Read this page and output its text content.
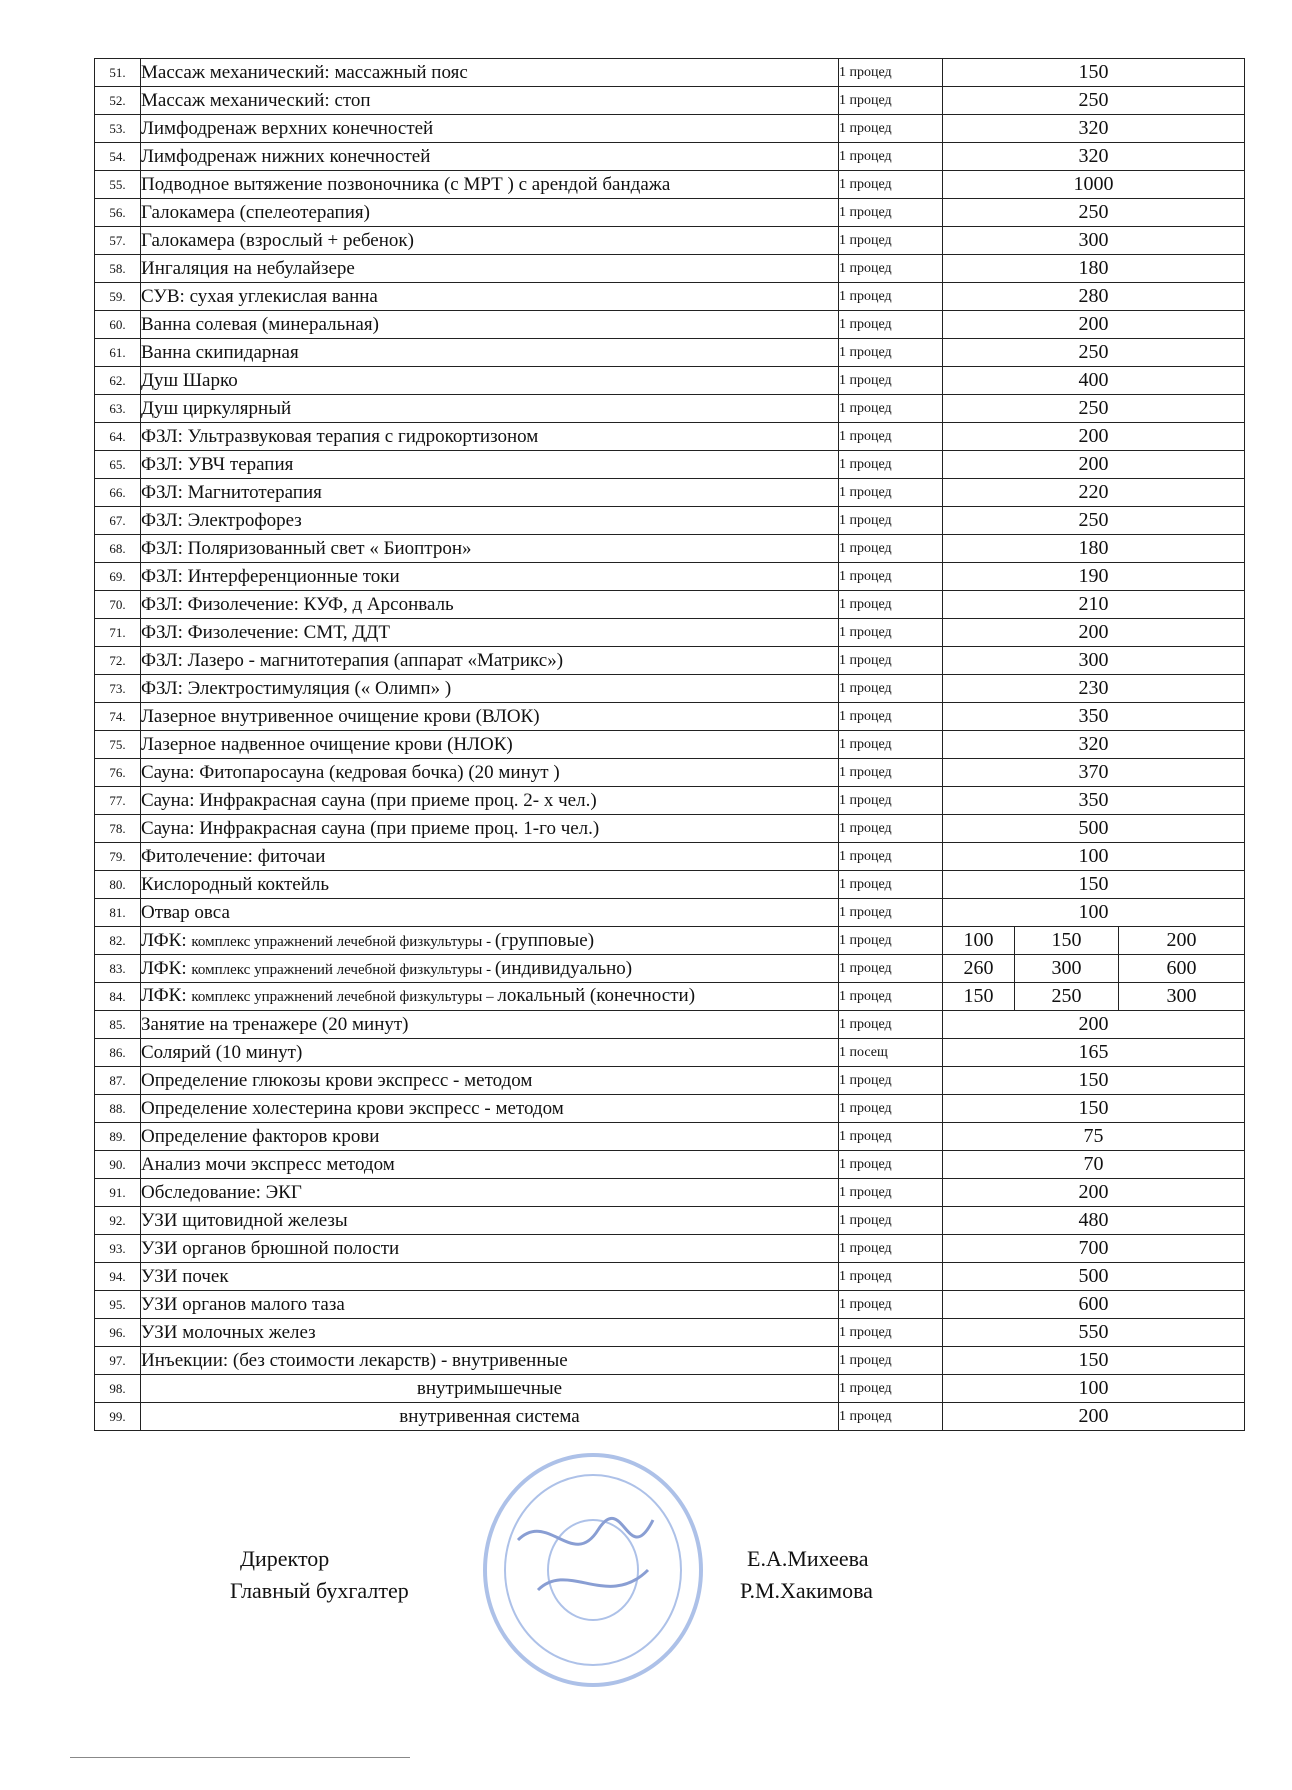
51.	Массаж механический: массажный пояс	1 процед	150		
52.	Массаж механический: стоп	1 процед	250		
53.	Лимфодренаж верхних конечностей	1 процед	320		
54.	Лимфодренаж нижних конечностей	1 процед	320		
55.	Подводное вытяжение позвоночника (с МРТ ) с арендой бандажа	1 процед	1000		
56.	Галокамера (спелеотерапия)	1 процед	250		
57.	Галокамера (взрослый + ребенок)	1 процед	300		
58.	Ингаляция на небулайзере	1 процед	180		
59.	СУВ: сухая углекислая ванна	1 процед	280		
60.	Ванна солевая (минеральная)	1 процед	200		
61.	Ванна скипидарная	1 процед	250		
62.	Душ Шарко	1 процед	400		
63.	Душ циркулярный	1 процед	250		
64.	ФЗЛ: Ультразвуковая терапия с гидрокортизоном	1 процед	200		
65.	ФЗЛ: УВЧ терапия	1 процед	200		
66.	ФЗЛ: Магнитотерапия	1 процед	220		
67.	ФЗЛ: Электрофорез	1 процед	250		
68.	ФЗЛ: Поляризованный свет « Биоптрон»	1 процед	180		
69.	ФЗЛ: Интерференционные токи	1 процед	190		
70.	ФЗЛ: Физолечение: КУФ, д Арсонваль	1 процед	210		
71.	ФЗЛ: Физолечение: СМТ, ДДТ	1 процед	200		
72.	ФЗЛ: Лазеро - магнитотерапия (аппарат «Матрикс»)	1 процед	300		
73.	ФЗЛ: Электростимуляция (« Олимп» )	1 процед	230		
74.	Лазерное внутривенное очищение крови (ВЛОК)	1 процед	350		
75.	Лазерное надвенное очищение крови (НЛОК)	1 процед	320		
76.	Сауна: Фитопаросауна (кедровая бочка) (20 минут )	1 процед	370		
77.	Сауна: Инфракрасная сауна (при приеме проц. 2- х чел.)	1 процед	350		
78.	Сауна: Инфракрасная сауна (при приеме проц. 1-го чел.)	1 процед	500		
79.	Фитолечение: фиточаи	1 процед	100		
80.	Кислородный коктейль	1 процед	150		
81.	Отвар овса	1 процед	100		
82.	ЛФК: комплекс упражнений лечебной физкультуры - (групповые)	1 процед	100	150	200
83.	ЛФК: комплекс упражнений лечебной физкультуры - (индивидуально)	1 процед	260	300	600
84.	ЛФК: комплекс упражнений лечебной физкультуры – локальный (конечности)	1 процед	150	250	300
85.	Занятие на тренажере (20 минут)	1 процед	200		
86.	Солярий (10 минут)	1 посещ	165		
87.	Определение глюкозы крови экспресс - методом	1 процед	150		
88.	Определение холестерина крови экспресс - методом	1 процед	150		
89.	Определение факторов крови	1 процед	75		
90.	Анализ мочи экспресс методом	1 процед	70		
91.	Обследование: ЭКГ	1 процед	200		
92.	УЗИ щитовидной железы	1 процед	480		
93.	УЗИ органов брюшной полости	1 процед	700		
94.	УЗИ почек	1 процед	500		
95.	УЗИ органов малого таза	1 процед	600		
96.	УЗИ молочных желез	1 процед	550		
97.	Инъекции: (без стоимости лекарств) - внутривенные	1 процед	150		
98.	внутримышечные	1 процед	100		
99.	внутривенная система	1 процед	200		
Директор	Е.А.Михеева
Главный бухгалтер	Р.М.Хакимова
